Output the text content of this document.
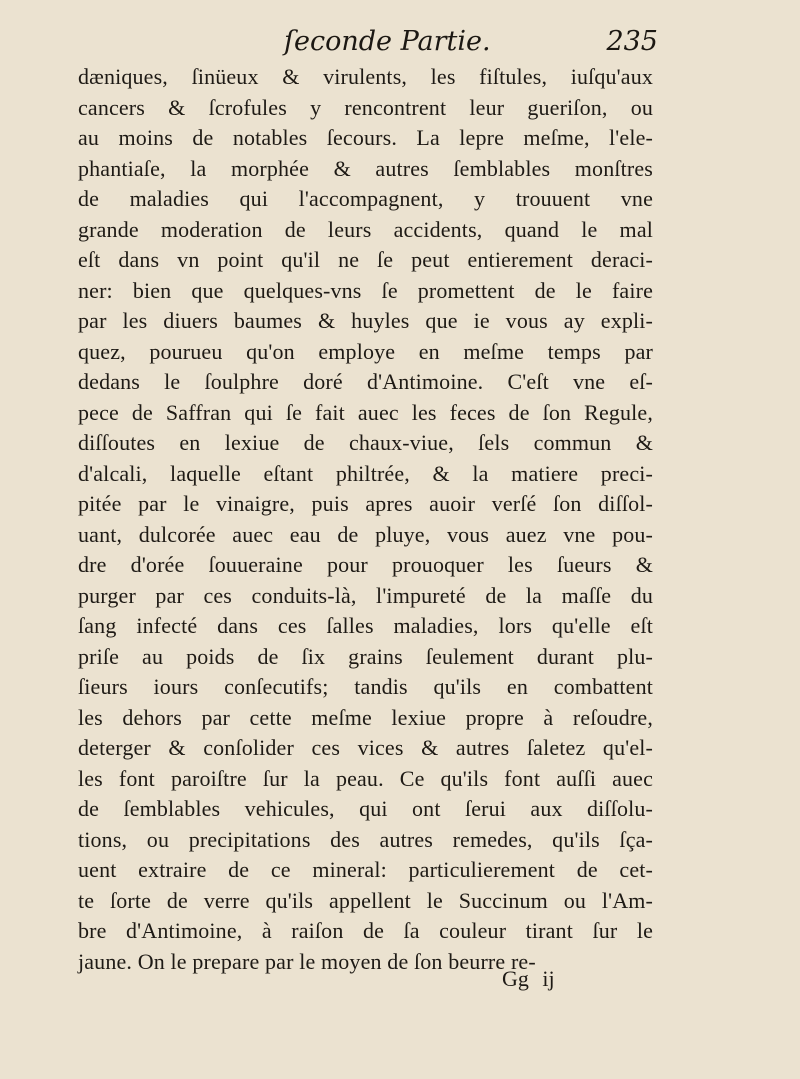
ſeconde Partie.	235
dæniques, ſinüeux & virulents, les fiſtules, iuſqu'aux
cancers & ſcrofules y rencontrent leur gueriſon, ou
au moins de notables ſecours. La lepre meſme, l'ele-
phantiaſe, la morphée & autres ſemblables monſtres
de maladies qui l'accompagnent, y trouuent vne
grande moderation de leurs accidents, quand le mal
eſt dans vn point qu'il ne ſe peut entierement deraci-
ner: bien que quelques-vns ſe promettent de le faire
par les diuers baumes & huyles que ie vous ay expli-
quez, pourueu qu'on employe en meſme temps par
dedans le ſoulphre doré d'Antimoine. C'eſt vne eſ-
pece de Saffran qui ſe fait auec les feces de ſon Regule,
diſſoutes en lexiue de chaux-viue, ſels commun &
d'alcali, laquelle eſtant philtrée, & la matiere preci-
pitée par le vinaigre, puis apres auoir verſé ſon diſſol-
uant, dulcorée auec eau de pluye, vous auez vne pou-
dre d'orée ſouueraine pour prouoquer les ſueurs &
purger par ces conduits-là, l'impureté de la maſſe du
ſang infecté dans ces ſalles maladies, lors qu'elle eſt
priſe au poids de ſix grains ſeulement durant plu-
ſieurs iours conſecutifs; tandis qu'ils en combattent
les dehors par cette meſme lexiue propre à reſoudre,
deterger & conſolider ces vices & autres ſaletez qu'el-
les font paroiſtre ſur la peau. Ce qu'ils font auſſi auec
de ſemblables vehicules, qui ont ſerui aux diſſolu-
tions, ou precipitations des autres remedes, qu'ils ſça-
uent extraire de ce mineral: particulierement de cet-
te ſorte de verre qu'ils appellent le Succinum ou l'Am-
bre d'Antimoine, à raiſon de ſa couleur tirant ſur le
jaune. On le prepare par le moyen de ſon beurre re-
Gg ij
